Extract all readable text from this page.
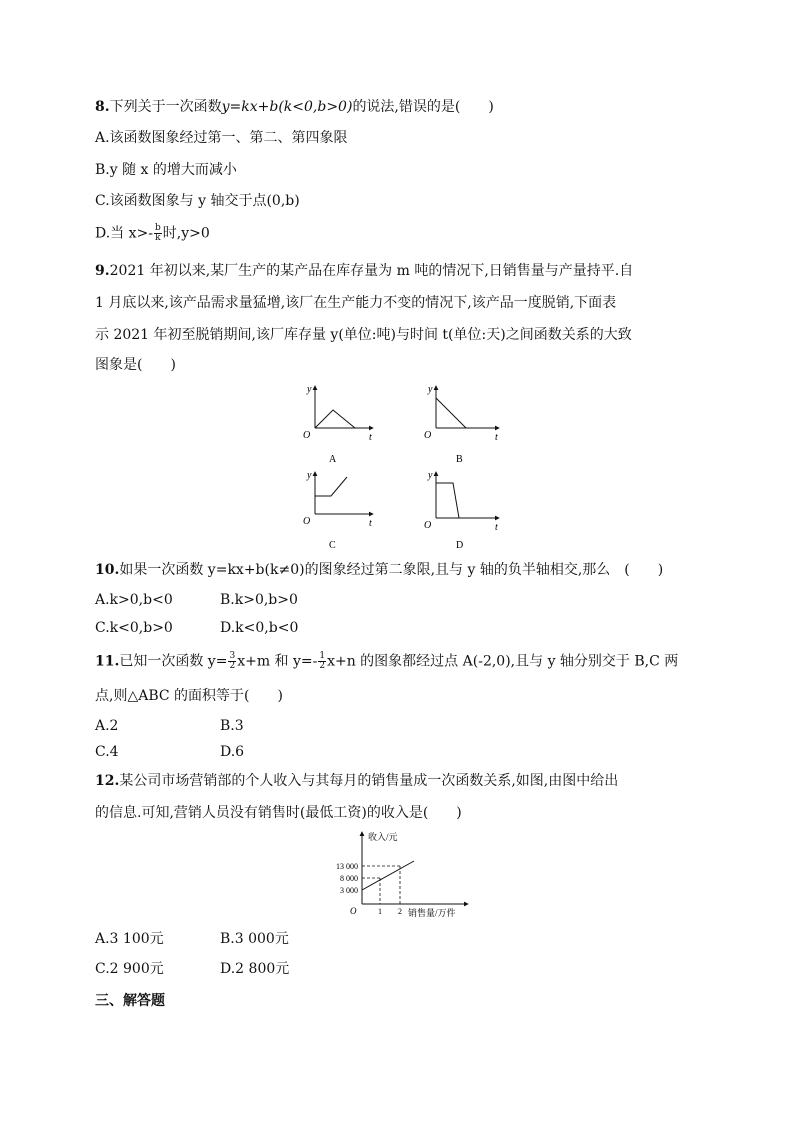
8.下列关于一次函数y=kx+b(k<0,b>0)的说法,错误的是(　　)
A.该函数图象经过第一、第二、第四象限
B.y 随 x 的增大而减小
C.该函数图象与 y 轴交于点(0,b)
D.当 $x>- \frac{b}{k}$ 时,y>0
9.2021 年初以来,某厂生产的某产品在库存量为 m 吨的情况下,日销售量与产量持平.自
1 月底以来,该产品需求量猛增,该厂在生产能力不变的情况下,该产品一度脱销,下面表
示 2021 年初至脱销期间,该厂库存量 y(单位:吨)与时间 t(单位:天)之间函数关系的大致
图象是(　　)
y
t
O
A
y
t
O
B
y
t
O
C
y
t
O
D
10.如果一次函数 y=kx+b(k≠0)的图象经过第二象限,且与 y 轴的负半轴相交,那么　(　　)
A.k>0,b<0	B.k>0,b>0
C.k<0,b>0	D.k<0,b<0
11.已知一次函数 $y= \frac{3}{2} x+m$ 和 $y=- \frac{1}{2} x+n$ 的图象都经过点 A(-2,0),且与 y 轴分别交于 B,C 两
点,则△ABC 的面积等于(　　)
A.2	B.3
C.4	D.6
12.某公司市场营销部的个人收入与其每月的销售量成一次函数关系,如图,由图中给出
的信息.可知,营销人员没有销售时(最低工资)的收入是(　　)
收入/元
销售量/万件
O
13 000
8 000
3 000
1 2
A.3 100元	B.3 000元
C.2 900元	D.2 800元
三、解答题
